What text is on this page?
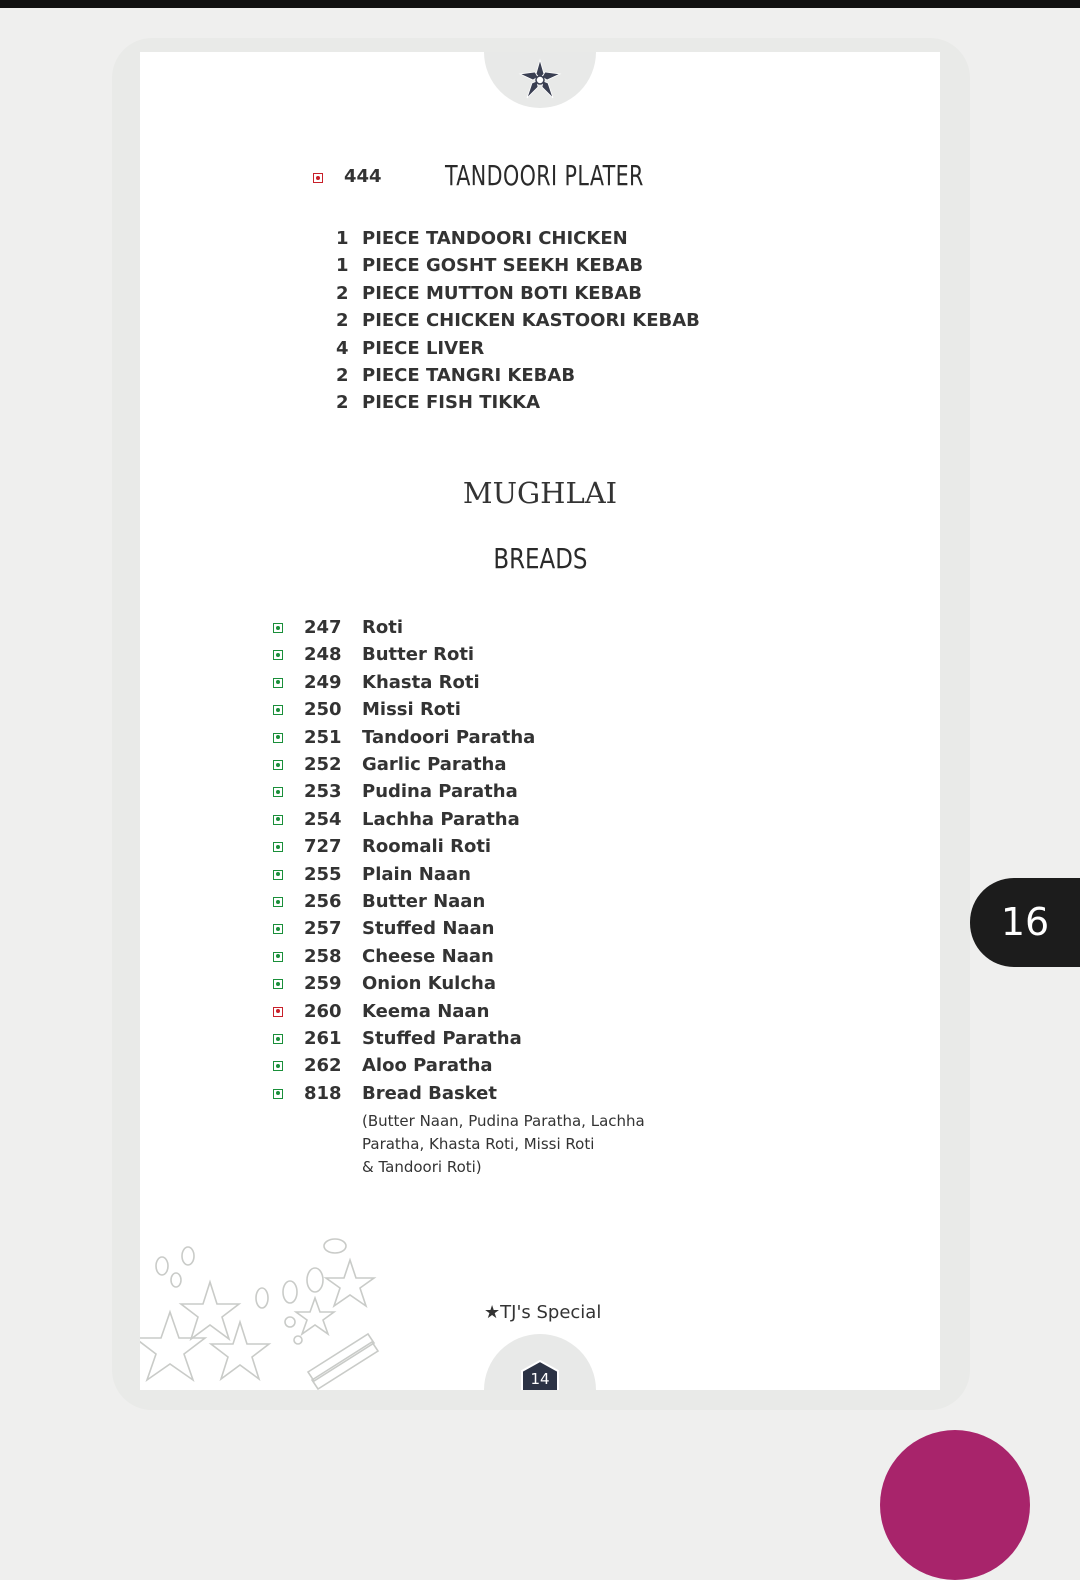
444 TANDOORI PLATER
1 PIECE TANDOORI CHICKEN
1 PIECE GOSHT SEEKH KEBAB
2 PIECE MUTTON BOTI KEBAB
2 PIECE CHICKEN KASTOORI KEBAB
4 PIECE LIVER
2 PIECE TANGRI KEBAB
2 PIECE FISH TIKKA
MUGHLAI
BREADS
247 Roti
248 Butter Roti
249 Khasta Roti
250 Missi Roti
251 Tandoori Paratha
252 Garlic Paratha
253 Pudina Paratha
254 Lachha Paratha
727 Roomali Roti
255 Plain Naan
256 Butter Naan
257 Stuffed Naan
258 Cheese Naan
259 Onion Kulcha
260 Keema Naan
261 Stuffed Paratha
262 Aloo Paratha
818 Bread Basket
(Butter Naan, Pudina Paratha, Lachha
Paratha, Khasta Roti, Missi Roti
& Tandoori Roti)
★TJ's Special
14
16
